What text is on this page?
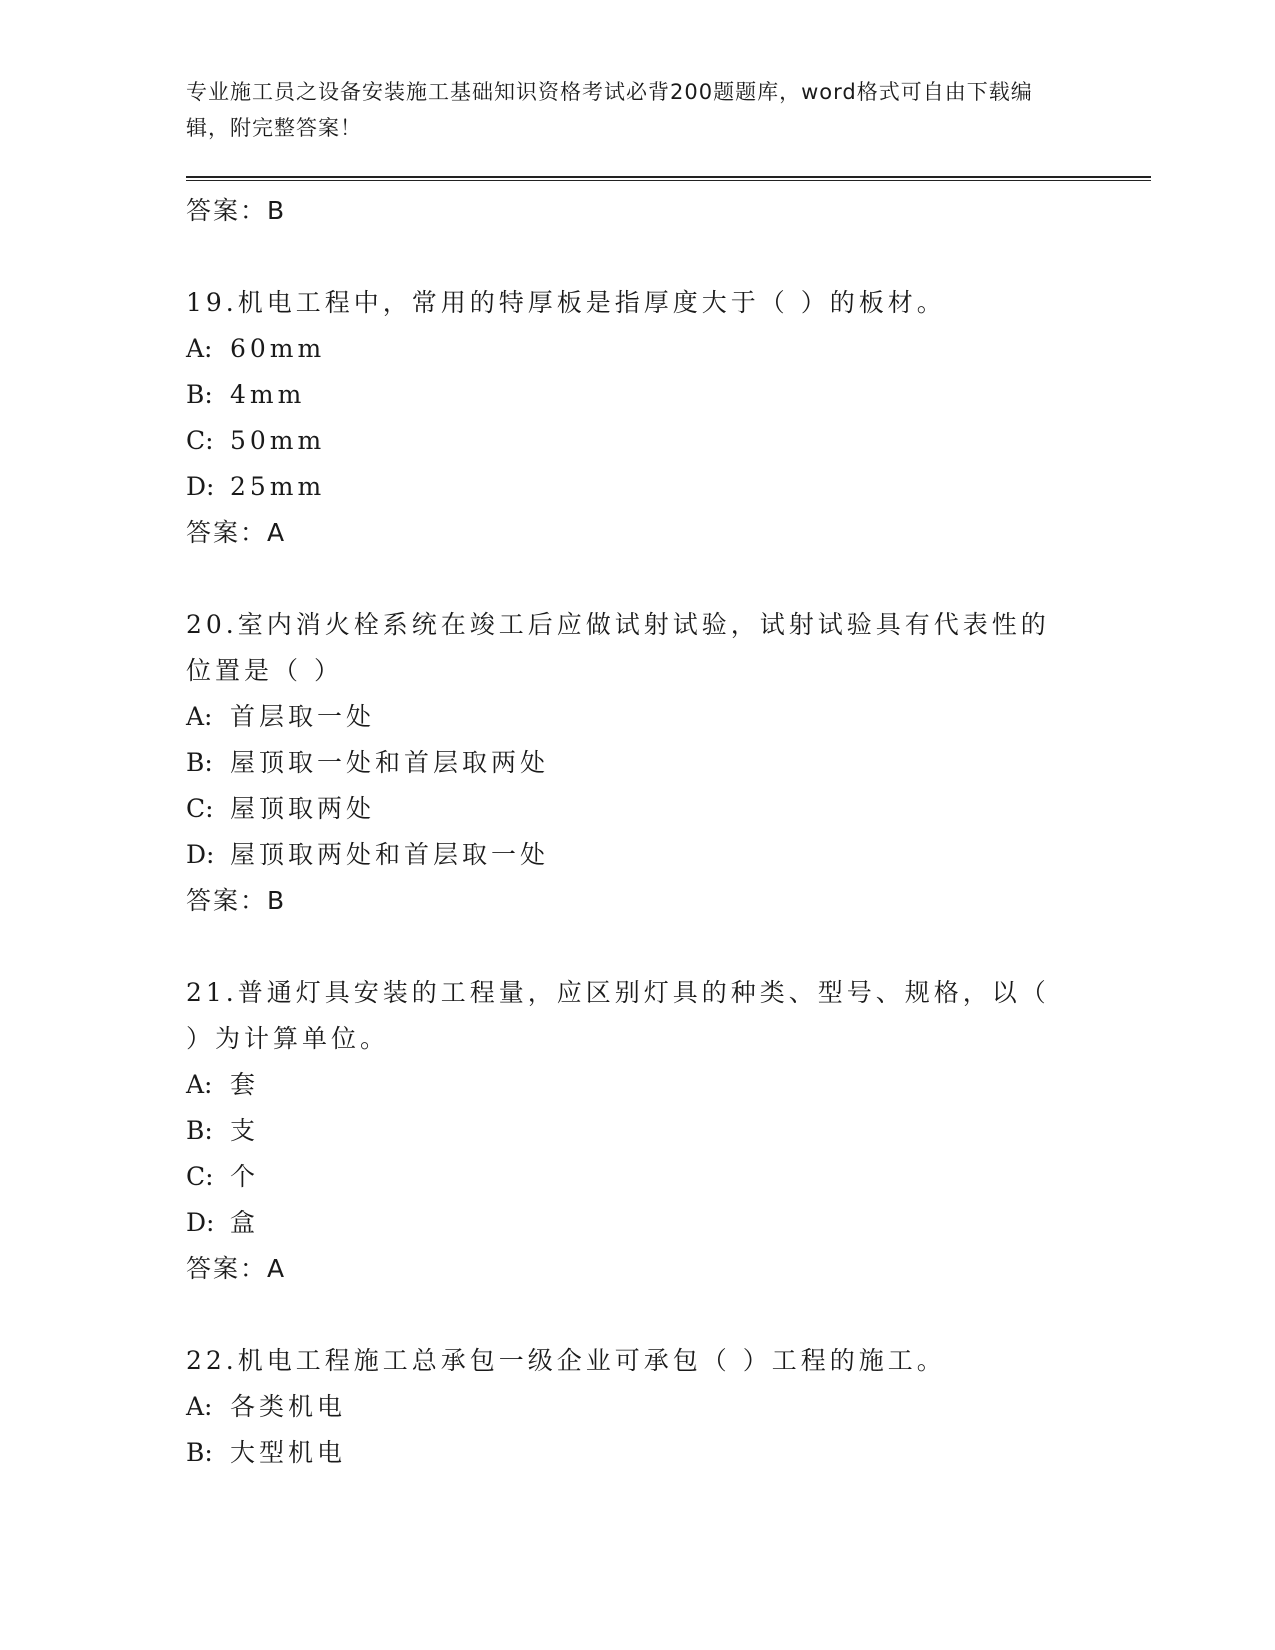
专业施工员之设备安装施工基础知识资格考试必背200题题库，word格式可自由下载编辑，附完整答案！
答案：B
19.机电工程中，常用的特厚板是指厚度大于（ ）的板材。
A: 60mm
B: 4mm
C: 50mm
D: 25mm
答案：A
20.室内消火栓系统在竣工后应做试射试验，试射试验具有代表性的位置是（ ）
A: 首层取一处
B: 屋顶取一处和首层取两处
C: 屋顶取两处
D: 屋顶取两处和首层取一处
答案：B
21.普通灯具安装的工程量，应区别灯具的种类、型号、规格，以（ ）为计算单位。
A: 套
B: 支
C: 个
D: 盒
答案：A
22.机电工程施工总承包一级企业可承包（ ）工程的施工。
A: 各类机电
B: 大型机电
